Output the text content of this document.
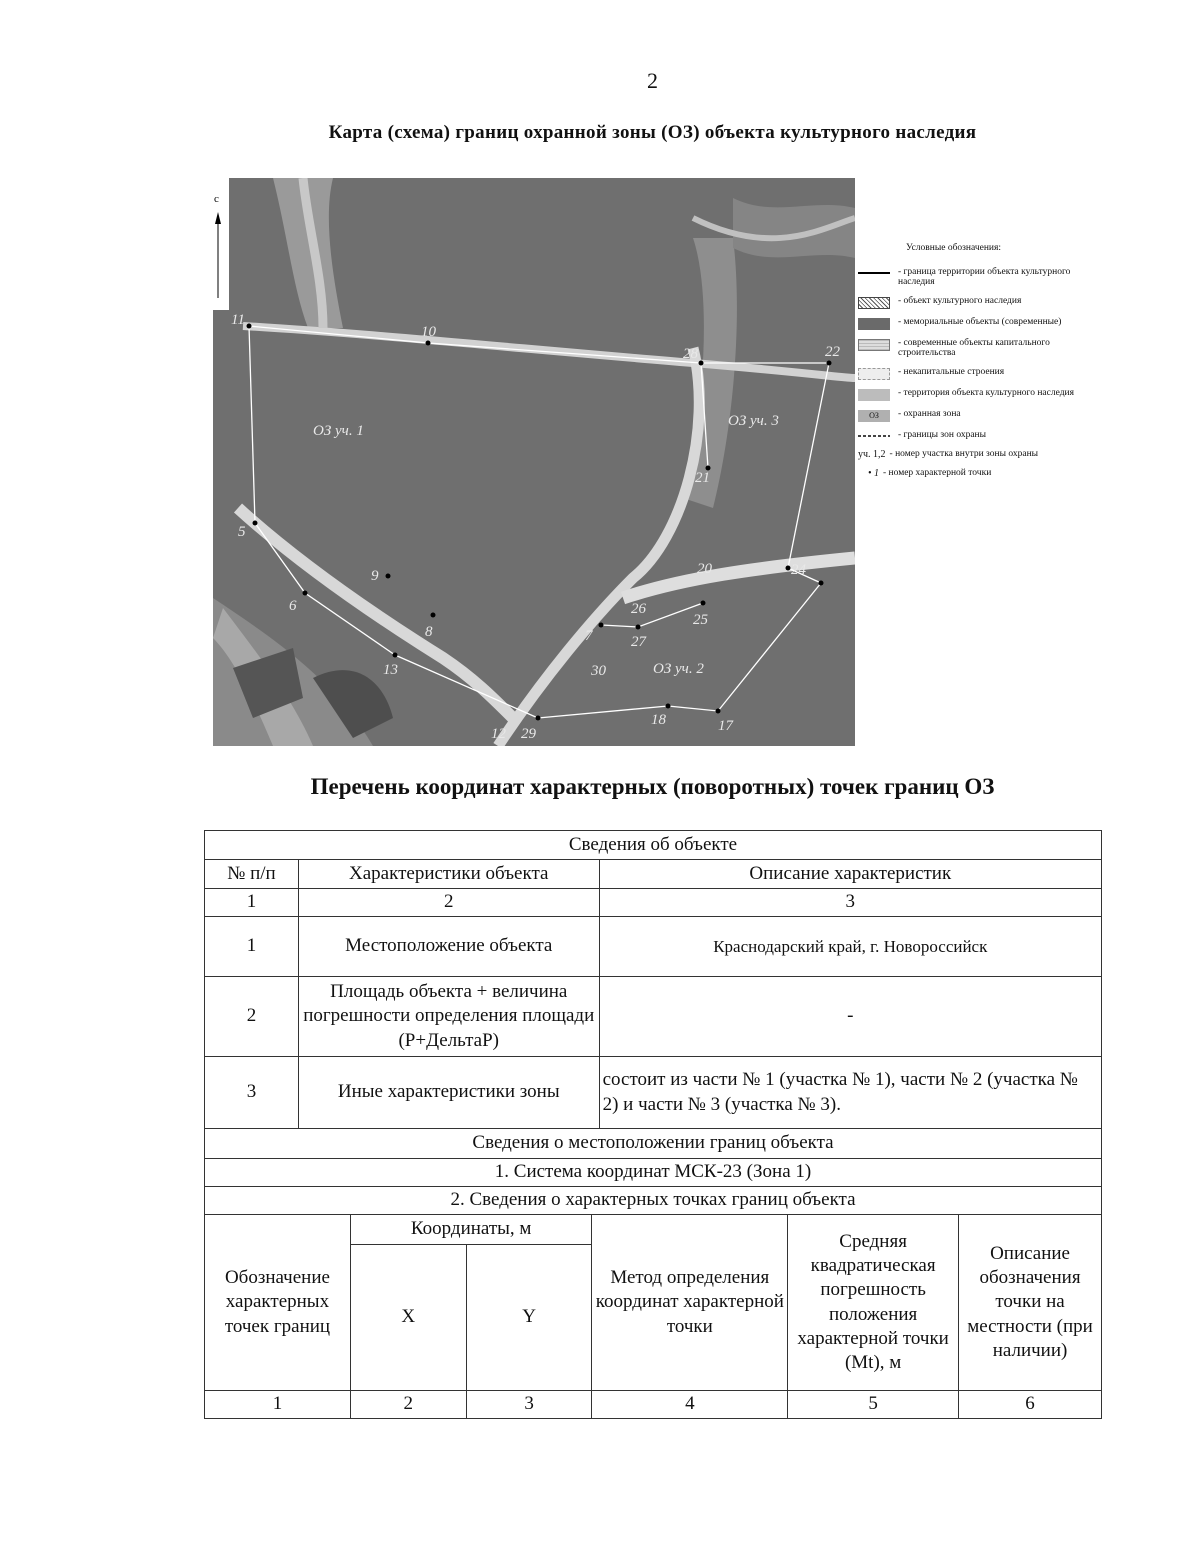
2
Карта (схема) границ охранной зоны (ОЗ) объекта культурного наследия
с
ОЗ уч. 1
ОЗ уч. 3
ОЗ уч. 2
11
10
28	22
5
9
6
8
13
24
26
25
27
7
30
12 29
18	17
21
20
Условные обозначения:
- граница территории объекта культурного наследия
- объект культурного наследия
- мемориальные объекты (современные)
- современные объекты капитального строительства
- некапитальные строения
- территория объекта культурного наследия
ОЗ	- охранная зона
- границы зон охраны
уч. 1,2 - номер участка внутри зоны охраны
• 1 - номер характерной точки
Перечень координат характерных (поворотных) точек границ ОЗ
Сведения об объекте		
№ п/п	Характеристики объекта	Описание характеристик
1	2	3
1	Местоположение объекта	Краснодарский край, г. Новороссийск
2	Площадь объекта + величина погрешности определения площади (P+ДельтаР)	-
3	Иные характеристики зоны	состоит из части № 1 (участка № 1), части № 2 (участка № 2) и части № 3 (участка № 3).
Сведения о местоположении границ объекта		
1. Система координат МСК-23 (Зона 1)		
2. Сведения о характерных точках границ объекта		
Обозначение характерных точек границ	Координаты, м		Метод определения координат характерной точки	Средняя квадратическая погрешность положения характерной точки (Mt), м	Описание обозначения точки на местности (при наличии)
	X	Y			
1	2	3	4	5	6
